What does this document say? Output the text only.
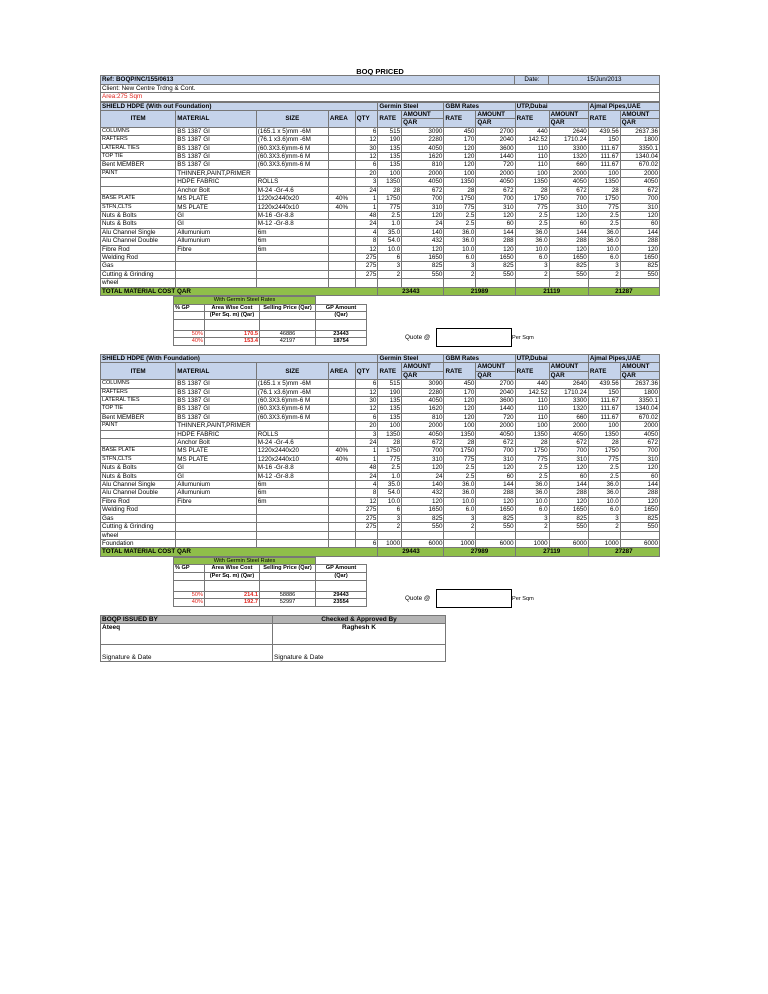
BOQ PRICED
Ref: BOQP/NC/155/0613	Date:	15/Jun/2013
Client: New Centre Trdng & Cont.
Area:275 Sqm
SHIELD HDPE (With out Foundation)					Germin Steel		GBM Rates		UTP,Dubai		Ajmal Pipes,UAE	
ITEM	MATERIAL	SIZE	AREA	QTY	RATE	AMOUNT	RATE	AMOUNT	RATE	AMOUNT	RATE	AMOUNT
						QAR		QAR		QAR		QAR
COLUMNS	BS 1387 GI	(165.1 x 5)mm -6M		6	515	3090	450	2700	440	2640	439.56	2637.36
RAFTERS	BS 1387 GI	(76.1 x3.6)mm -6M		12	190	2280	170	2040	142.52	1710.24	150	1800
LATERAL TIES	BS 1387 GI	(60.3X3.6)mm-6 M		30	135	4050	120	3600	110	3300	111.67	3350.1
TOP TIE	BS 1387 GI	(60.3X3.6)mm-6 M		12	135	1620	120	1440	110	1320	111.67	1340.04
Bent MEMBER	BS 1387 GI	(60.3X3.6)mm-6 M		6	135	810	120	720	110	660	111.67	670.02
PAINT	THINNER,PAINT,PRIMER			20	100	2000	100	2000	100	2000	100	2000
	HDPE FABRIC	ROLLS		3	1350	4050	1350	4050	1350	4050	1350	4050
	Anchor Bolt	M-24 -Gr-4.6		24	28	672	28	672	28	672	28	672
BASE PLATE	MS PLATE	1220x2440x20	40%	1	1750	700	1750	700	1750	700	1750	700
STFN,CLTS	MS PLATE	1220x2440x10	40%	1	775	310	775	310	775	310	775	310
Nuts & Bolts	GI	M-16 -Gr-8.8		48	2.5	120	2.5	120	2.5	120	2.5	120
Nuts & Bolts	GI	M-12 -Gr-8.8		24	1.0	24	2.5	60	2.5	60	2.5	60
Alu Channel Single	Allumunium	6m		4	35.0	140	36.0	144	36.0	144	36.0	144
Alu Channel Double	Allumunium	6m		8	54.0	432	36.0	288	36.0	288	36.0	288
Fibre Rod	Fibre	6m		12	10.0	120	10.0	120	10.0	120	10.0	120
Welding Rod				275	6	1650	6.0	1650	6.0	1650	6.0	1650
Gas				275	3	825	3	825	3	825	3	825
Cutting & Grinding				275	2	550	2	550	2	550	2	550
wheel												
TOTAL MATERIAL COST QAR					23443		21989		21119		21287	
With Germin Steel Rates			
% GP	Area Wise Cost	Selling Price (Qar)	GP Amount
	(Per Sq. m) (Qar)		(Qar)

50%	170.5	46886	23443
40%	153.4	42197	18754
Quote @	Per Sqm
SHIELD HDPE (With Foundation)					Germin Steel		GBM Rates		UTP,Dubai		Ajmal Pipes,UAE	
ITEM	MATERIAL	SIZE	AREA	QTY	RATE	AMOUNT	RATE	AMOUNT	RATE	AMOUNT	RATE	AMOUNT
						QAR		QAR		QAR		QAR
COLUMNS	BS 1387 GI	(165.1 x 5)mm -6M		6	515	3090	450	2700	440	2640	439.56	2637.36
RAFTERS	BS 1387 GI	(76.1 x3.6)mm -6M		12	190	2280	170	2040	142.52	1710.24	150	1800
LATERAL TIES	BS 1387 GI	(60.3X3.6)mm-6 M		30	135	4050	120	3600	110	3300	111.67	3350.1
TOP TIE	BS 1387 GI	(60.3X3.6)mm-6 M		12	135	1620	120	1440	110	1320	111.67	1340.04
Bent MEMBER	BS 1387 GI	(60.3X3.6)mm-6 M		6	135	810	120	720	110	660	111.67	670.02
PAINT	THINNER,PAINT,PRIMER			20	100	2000	100	2000	100	2000	100	2000
	HDPE FABRIC	ROLLS		3	1350	4050	1350	4050	1350	4050	1350	4050
	Anchor Bolt	M-24 -Gr-4.6		24	28	672	28	672	28	672	28	672
BASE PLATE	MS PLATE	1220x2440x20	40%	1	1750	700	1750	700	1750	700	1750	700
STFN,CLTS	MS PLATE	1220x2440x10	40%	1	775	310	775	310	775	310	775	310
Nuts & Bolts	GI	M-16 -Gr-8.8		48	2.5	120	2.5	120	2.5	120	2.5	120
Nuts & Bolts	GI	M-12 -Gr-8.8		24	1.0	24	2.5	60	2.5	60	2.5	60
Alu Channel Single	Allumunium	6m		4	35.0	140	36.0	144	36.0	144	36.0	144
Alu Channel Double	Allumunium	6m		8	54.0	432	36.0	288	36.0	288	36.0	288
Fibre Rod	Fibre	6m		12	10.0	120	10.0	120	10.0	120	10.0	120
Welding Rod				275	6	1650	6.0	1650	6.0	1650	6.0	1650
Gas				275	3	825	3	825	3	825	3	825
Cutting & Grinding				275	2	550	2	550	2	550	2	550
wheel												
Foundation				6	1000	6000	1000	6000	1000	6000	1000	6000
TOTAL MATERIAL COST QAR					29443		27989		27119		27287	
With Germin Steel Rates			
% GP	Area Wise Cost	Selling Price (Qar)	GP Amount
	(Per Sq. m) (Qar)		(Qar)

50%	214.1	58886	29443
40%	192.7	52997	23554
Quote @	Per Sqm
BOQP ISSUED BY	Checked & Approved By
Ateeq	Raghesh K
Signature & Date	Signature & Date
